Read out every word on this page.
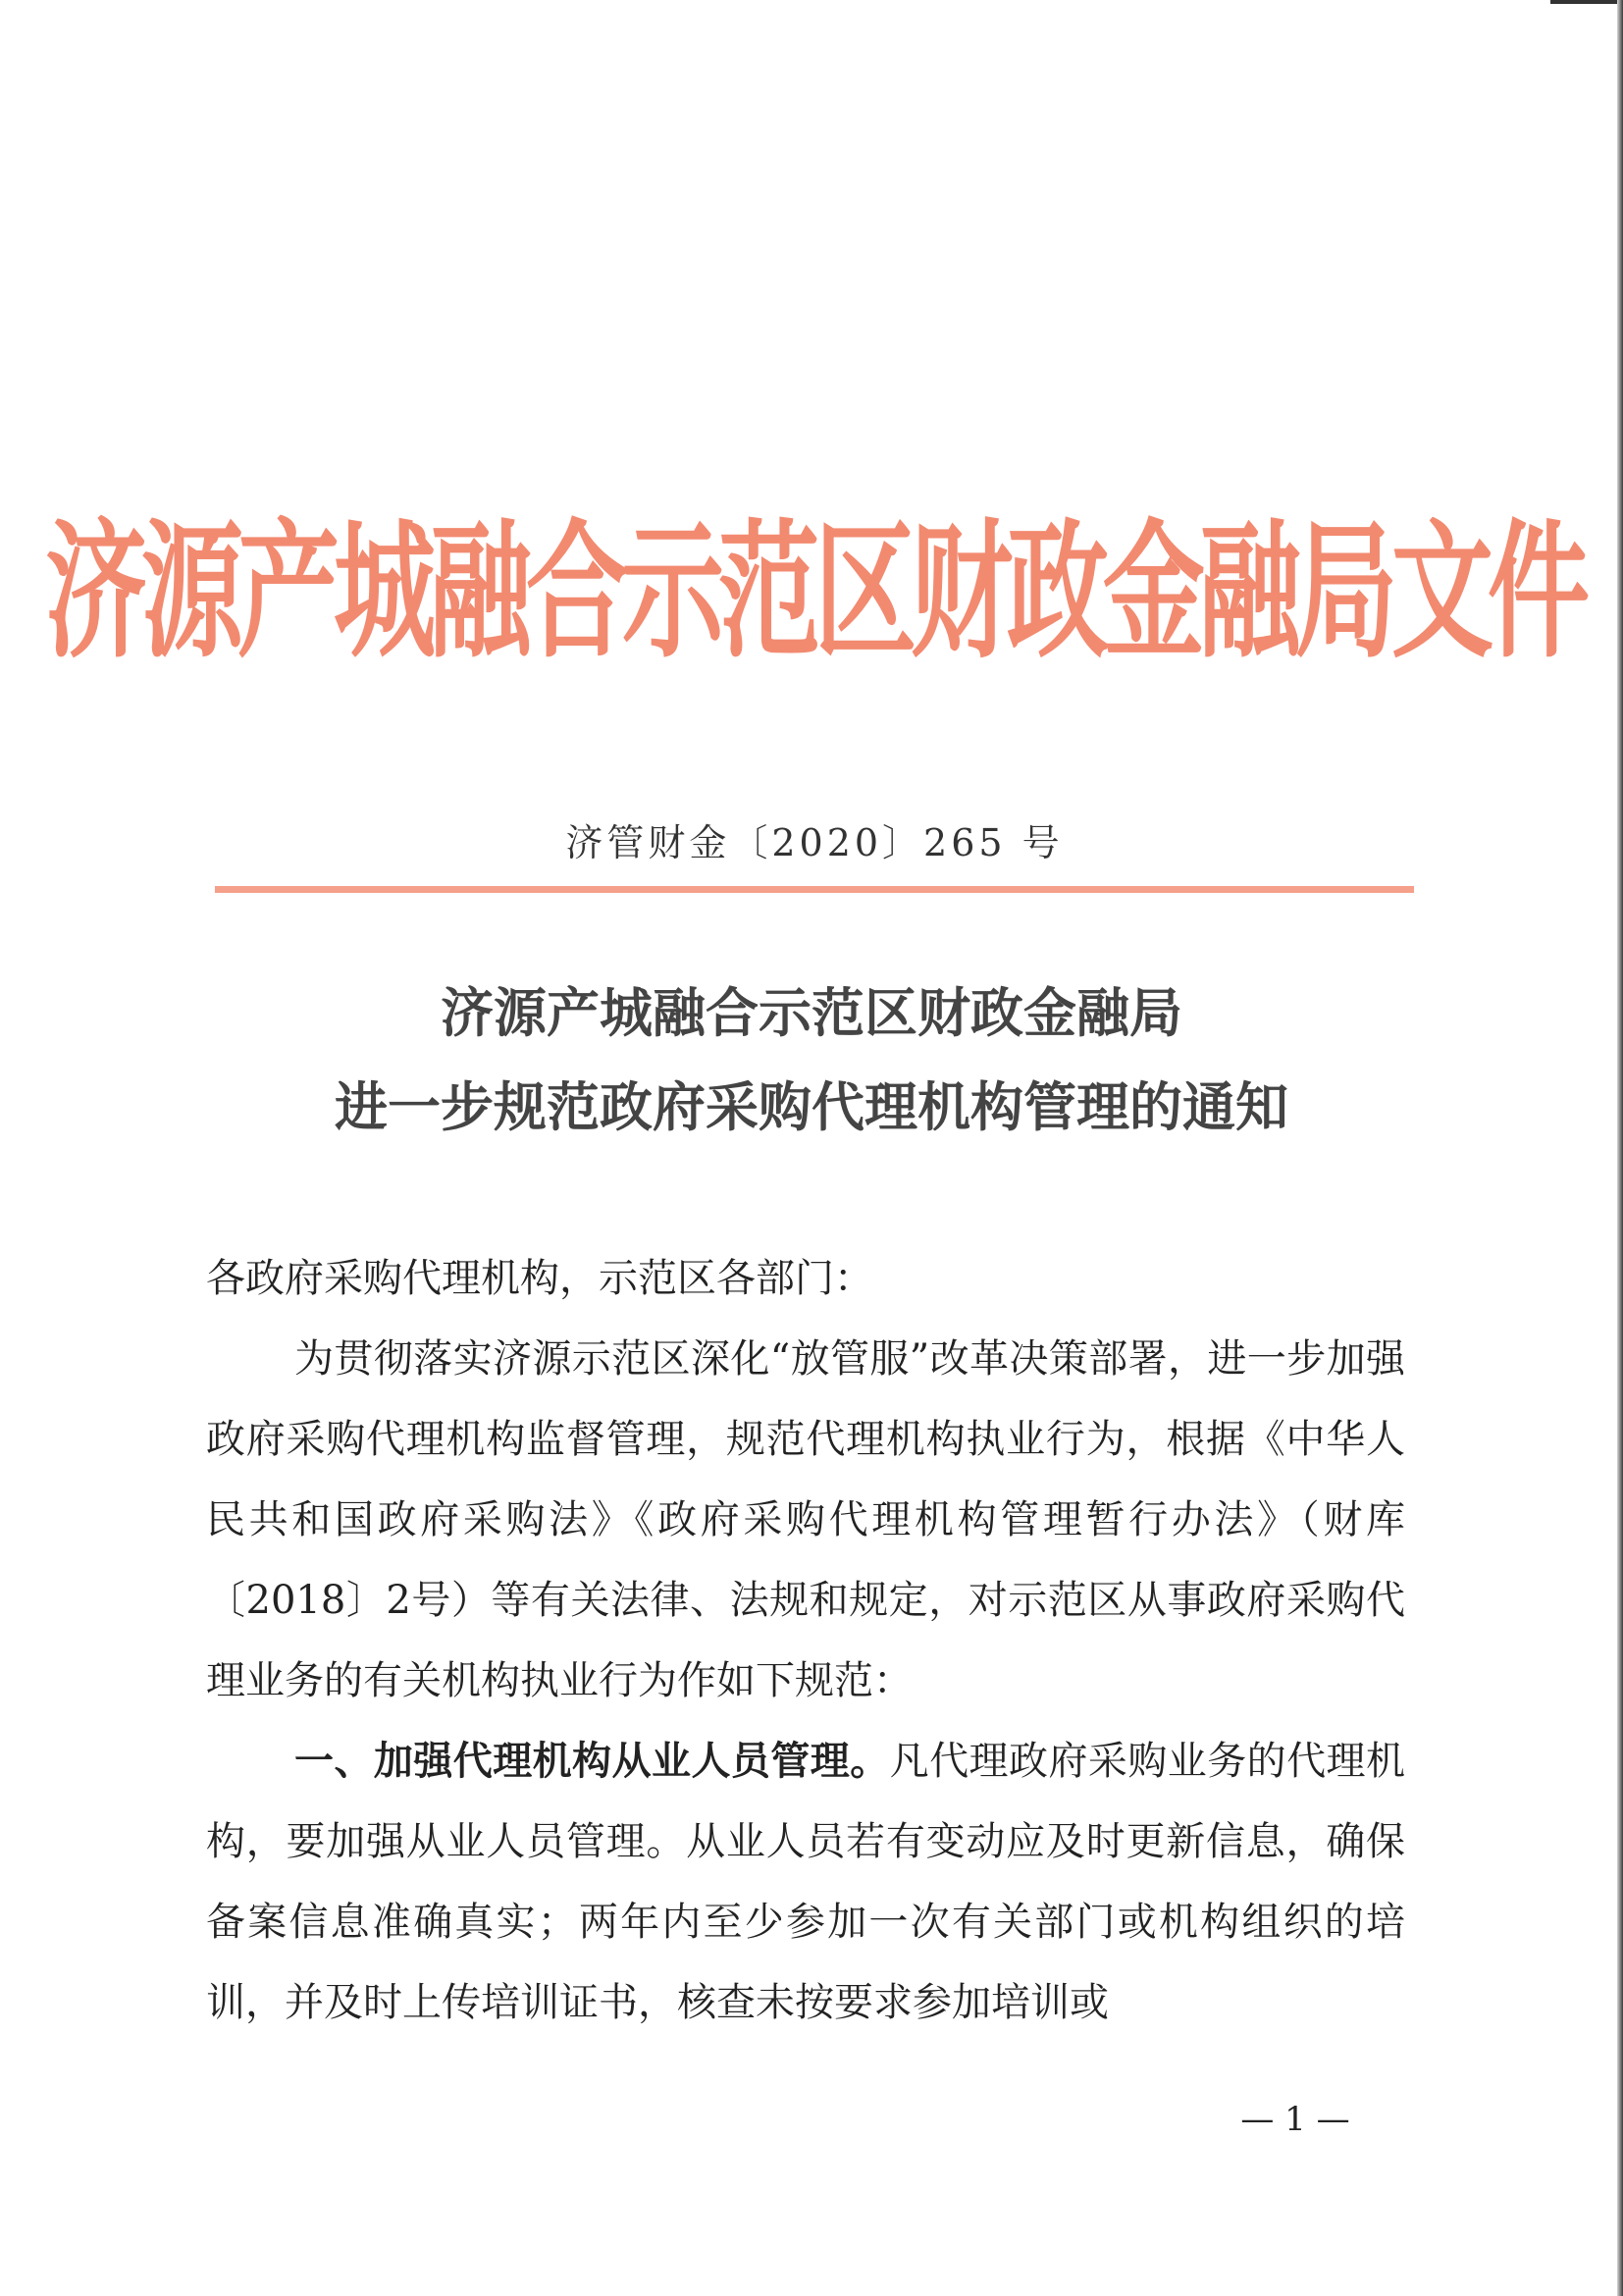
济源产城融合示范区财政金融局文件
济管财金〔2020〕265 号
济源产城融合示范区财政金融局
进一步规范政府采购代理机构管理的通知
各政府采购代理机构，示范区各部门：
为贯彻落实济源示范区深化“放管服”改革决策部署，进一步加强政府采购代理机构监督管理，规范代理机构执业行为，根据《中华人民共和国政府采购法》《政府采购代理机构管理暂行办法》（财库〔2018〕2号）等有关法律、法规和规定，对示范区从事政府采购代理业务的有关机构执业行为作如下规范：
一、加强代理机构从业人员管理。凡代理政府采购业务的代理机构，要加强从业人员管理。从业人员若有变动应及时更新信息，确保备案信息准确真实；两年内至少参加一次有关部门或机构组织的培训，并及时上传培训证书，核查未按要求参加培训或
— 1 —
